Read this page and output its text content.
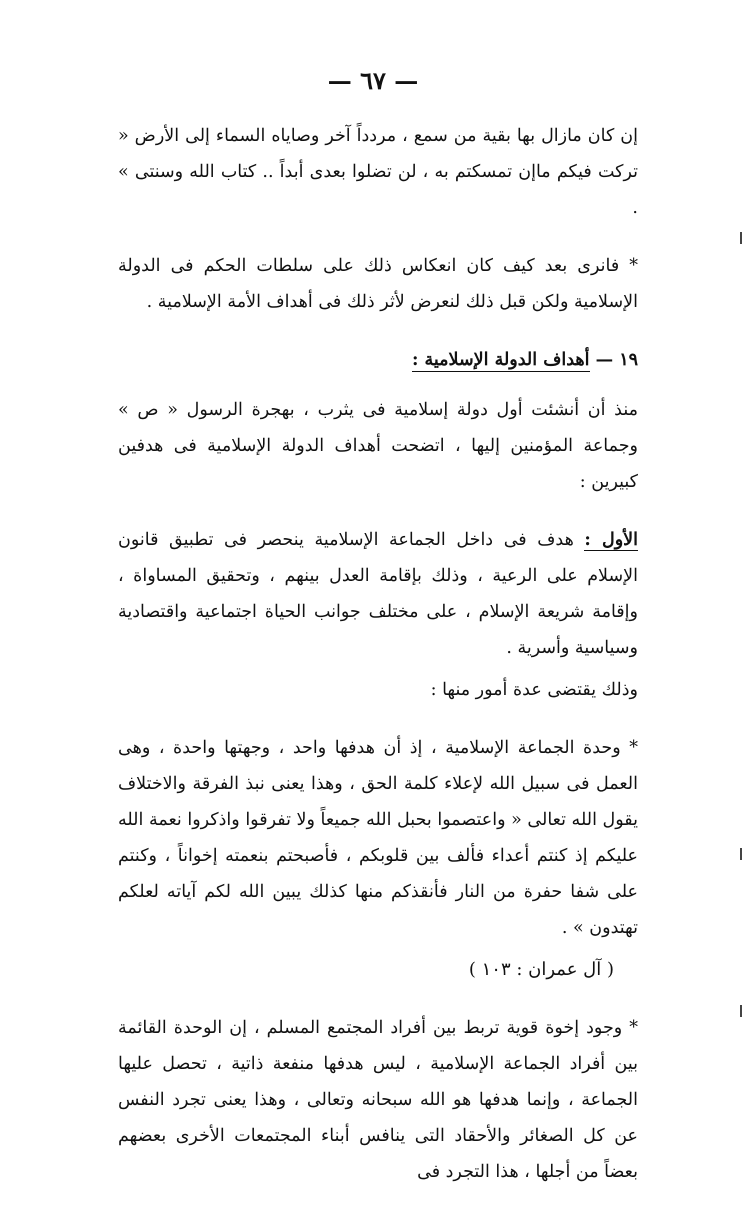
— ٦٧ —

إن كان مازال بها بقية من سمع ، مردداً آخر وصاياه السماء إلى الأرض « تركت فيكم ماإن تمسكتم به ، لن تضلوا بعدى أبداً .. كتاب الله وسنتى » .

* فانرى بعد كيف كان انعكاس ذلك على سلطات الحكم فى الدولة الإسلامية ولكن قبل ذلك لنعرض لأثر ذلك فى أهداف الأمة الإسلامية .

١٩ — أهداف الدولة الإسلامية :

منذ أن أنشئت أول دولة إسلامية فى يثرب ، بهجرة الرسول « ص » وجماعة المؤمنين إليها ، اتضحت أهداف الدولة الإسلامية فى هدفين كبيرين :

الأول : هدف فى داخل الجماعة الإسلامية ينحصر فى تطبيق قانون الإسلام على الرعية ، وذلك بإقامة العدل بينهم ، وتحقيق المساواة ، وإقامة شريعة الإسلام ، على مختلف جوانب الحياة اجتماعية واقتصادية وسياسية وأسرية .

وذلك يقتضى عدة أمور منها :

* وحدة الجماعة الإسلامية ، إذ أن هدفها واحد ، وجهتها واحدة ، وهى العمل فى سبيل الله لإعلاء كلمة الحق ، وهذا يعنى نبذ الفرقة والاختلاف يقول الله تعالى « واعتصموا بحبل الله جميعاً ولا تفرقوا واذكروا نعمة الله عليكم إذ كنتم أعداء فألف بين قلوبكم ، فأصبحتم بنعمته إخواناً ، وكنتم على شفا حفرة من النار فأنقذكم منها كذلك يبين الله لكم آياته لعلكم تهتدون » .

( آل عمران : ١٠٣ )

* وجود إخوة قوية تربط بين أفراد المجتمع المسلم ، إن الوحدة القائمة بين أفراد الجماعة الإسلامية ، ليس هدفها منفعة ذاتية ، تحصل عليها الجماعة ، وإنما هدفها هو الله سبحانه وتعالى ، وهذا يعنى تجرد النفس عن كل الصغائر والأحقاد التى ينافس أبناء المجتمعات الأخرى بعضهم بعضاً من أجلها ، هذا التجرد فى
